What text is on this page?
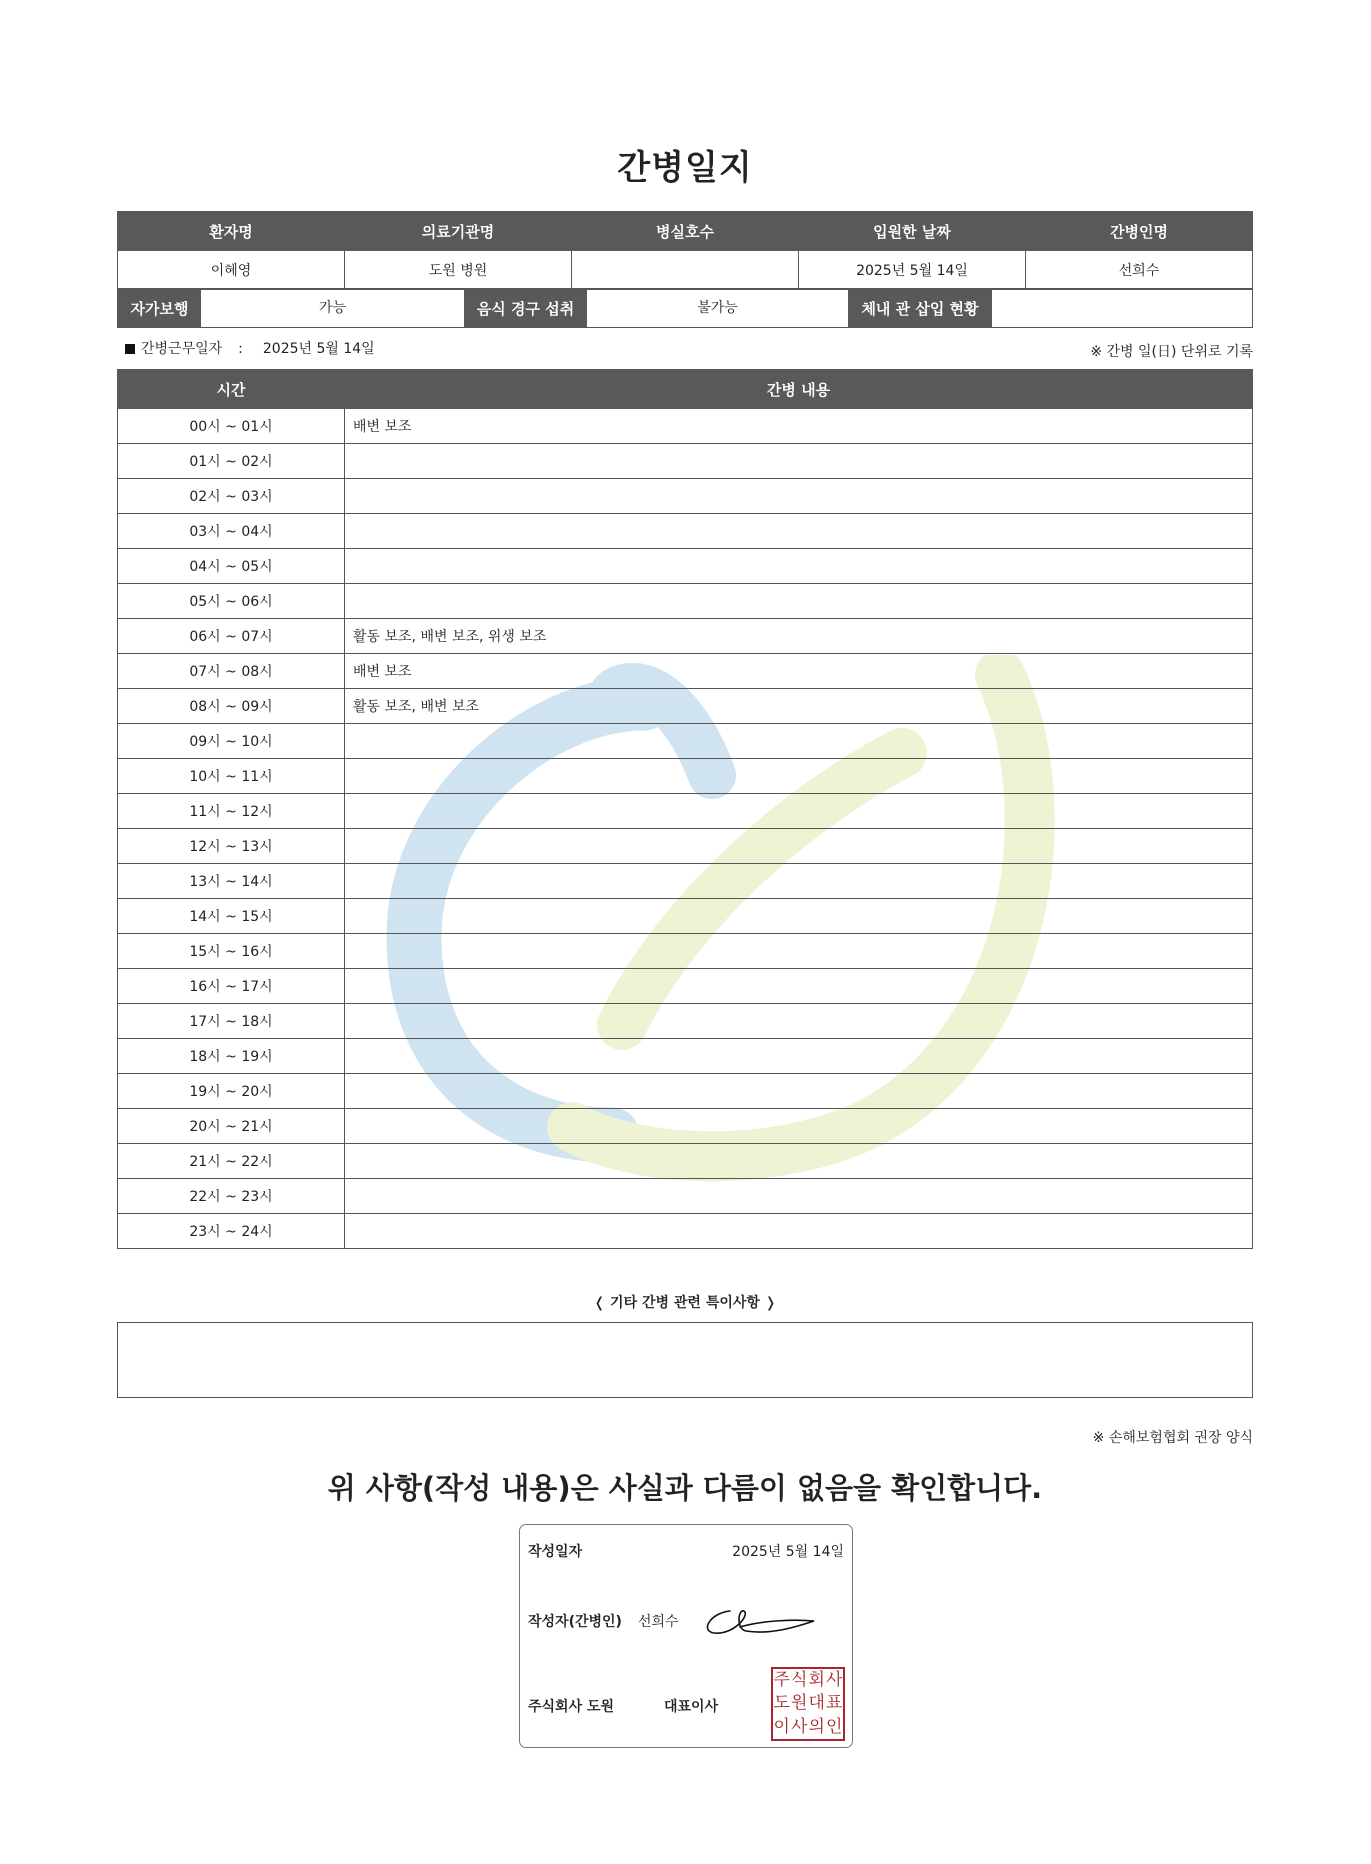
간병일지
환자명	의료기관명	병실호수	입원한 날짜	간병인명
이혜영	도원 병원		2025년 5월 14일	선희수
자가보행	가능	음식 경구 섭취	불가능	체내 관 삽입 현황
간병근무일자 : 2025년 5월 14일	※ 간병 일(日) 단위로 기록
시간	간병 내용
00시 ~ 01시	배변 보조
01시 ~ 02시	
02시 ~ 03시	
03시 ~ 04시	
04시 ~ 05시	
05시 ~ 06시	
06시 ~ 07시	활동 보조, 배변 보조, 위생 보조
07시 ~ 08시	배변 보조
08시 ~ 09시	활동 보조, 배변 보조
09시 ~ 10시	
10시 ~ 11시	
11시 ~ 12시	
12시 ~ 13시	
13시 ~ 14시	
14시 ~ 15시	
15시 ~ 16시	
16시 ~ 17시	
17시 ~ 18시	
18시 ~ 19시	
19시 ~ 20시	
20시 ~ 21시	
21시 ~ 22시	
22시 ~ 23시	
23시 ~ 24시	
❬ 기타 간병 관련 특이사항 ❭
※ 손해보험협회 권장 양식
위 사항(작성 내용)은 사실과 다름이 없음을 확인합니다.
작성일자	2025년 5월 14일
작성자(간병인) 선희수
주식회사 도원	대표이사
주 식 회 사
도 원 대 표
이 사 의 인
